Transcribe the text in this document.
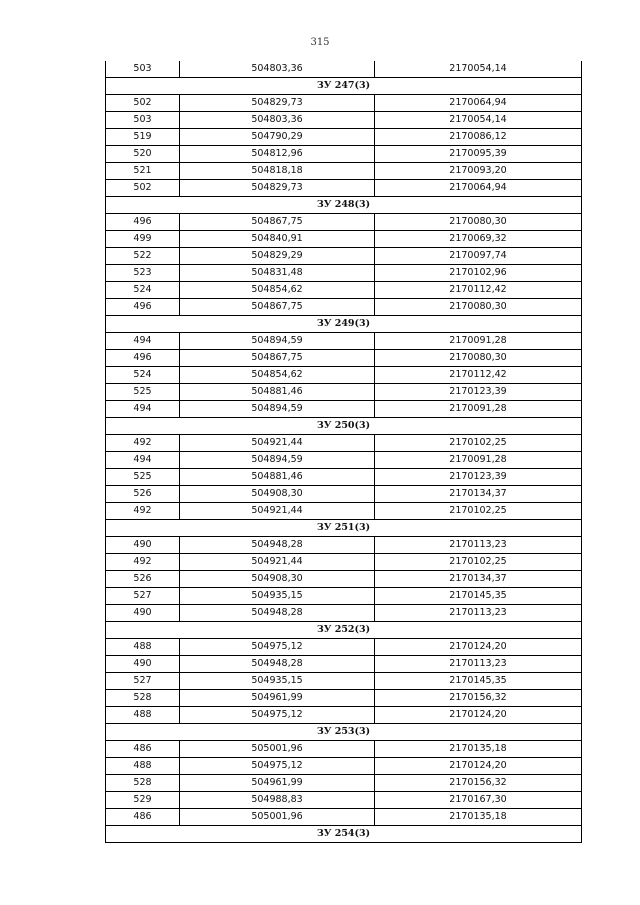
315
503	504803,36	2170054,14
ЗУ 247(3)		
502	504829,73	2170064,94
503	504803,36	2170054,14
519	504790,29	2170086,12
520	504812,96	2170095,39
521	504818,18	2170093,20
502	504829,73	2170064,94
ЗУ 248(3)		
496	504867,75	2170080,30
499	504840,91	2170069,32
522	504829,29	2170097,74
523	504831,48	2170102,96
524	504854,62	2170112,42
496	504867,75	2170080,30
ЗУ 249(3)		
494	504894,59	2170091,28
496	504867,75	2170080,30
524	504854,62	2170112,42
525	504881,46	2170123,39
494	504894,59	2170091,28
ЗУ 250(3)		
492	504921,44	2170102,25
494	504894,59	2170091,28
525	504881,46	2170123,39
526	504908,30	2170134,37
492	504921,44	2170102,25
ЗУ 251(3)		
490	504948,28	2170113,23
492	504921,44	2170102,25
526	504908,30	2170134,37
527	504935,15	2170145,35
490	504948,28	2170113,23
ЗУ 252(3)		
488	504975,12	2170124,20
490	504948,28	2170113,23
527	504935,15	2170145,35
528	504961,99	2170156,32
488	504975,12	2170124,20
ЗУ 253(3)		
486	505001,96	2170135,18
488	504975,12	2170124,20
528	504961,99	2170156,32
529	504988,83	2170167,30
486	505001,96	2170135,18
ЗУ 254(3)		
